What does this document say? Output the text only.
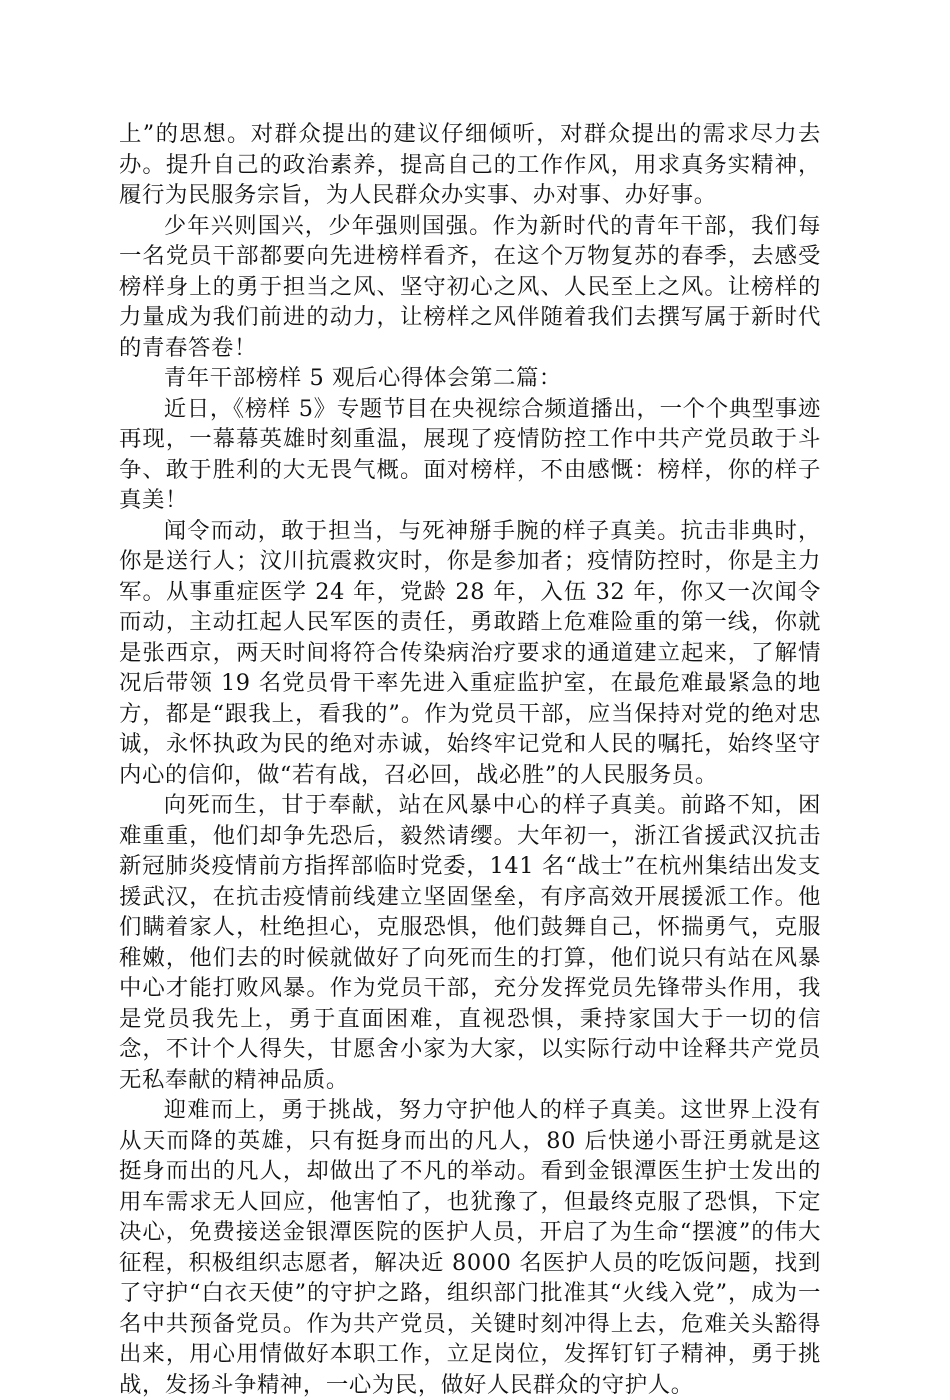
上”的思想。对群众提出的建议仔细倾听，对群众提出的需求尽力去办。提升自己的政治素养，提高自己的工作作风，用求真务实精神，履行为民服务宗旨，为人民群众办实事、办对事、办好事。

少年兴则国兴，少年强则国强。作为新时代的青年干部，我们每一名党员干部都要向先进榜样看齐，在这个万物复苏的春季，去感受榜样身上的勇于担当之风、坚守初心之风、人民至上之风。让榜样的力量成为我们前进的动力，让榜样之风伴随着我们去撰写属于新时代的青春答卷！

青年干部榜样 5 观后心得体会第二篇：

近日，《榜样 5》专题节目在央视综合频道播出，一个个典型事迹再现，一幕幕英雄时刻重温，展现了疫情防控工作中共产党员敢于斗争、敢于胜利的大无畏气概。面对榜样，不由感慨：榜样，你的样子真美！

闻令而动，敢于担当，与死神掰手腕的样子真美。抗击非典时，你是送行人；汶川抗震救灾时，你是参加者；疫情防控时，你是主力军。从事重症医学 24 年，党龄 28 年，入伍 32 年，你又一次闻令而动，主动扛起人民军医的责任，勇敢踏上危难险重的第一线，你就是张西京，两天时间将符合传染病治疗要求的通道建立起来，了解情况后带领 19 名党员骨干率先进入重症监护室，在最危难最紧急的地方，都是“跟我上，看我的”。作为党员干部，应当保持对党的绝对忠诚，永怀执政为民的绝对赤诚，始终牢记党和人民的嘱托，始终坚守内心的信仰，做“若有战，召必回，战必胜”的人民服务员。

向死而生，甘于奉献，站在风暴中心的样子真美。前路不知，困难重重，他们却争先恐后，毅然请缨。大年初一，浙江省援武汉抗击新冠肺炎疫情前方指挥部临时党委，141 名“战士”在杭州集结出发支援武汉，在抗击疫情前线建立坚固堡垒，有序高效开展援派工作。他们瞒着家人，杜绝担心，克服恐惧，他们鼓舞自己，怀揣勇气，克服稚嫩，他们去的时候就做好了向死而生的打算，他们说只有站在风暴中心才能打败风暴。作为党员干部，充分发挥党员先锋带头作用，我是党员我先上，勇于直面困难，直视恐惧，秉持家国大于一切的信念，不计个人得失，甘愿舍小家为大家，以实际行动中诠释共产党员无私奉献的精神品质。

迎难而上，勇于挑战，努力守护他人的样子真美。这世界上没有从天而降的英雄，只有挺身而出的凡人，80 后快递小哥汪勇就是这挺身而出的凡人，却做出了不凡的举动。看到金银潭医生护士发出的用车需求无人回应，他害怕了，也犹豫了，但最终克服了恐惧，下定决心，免费接送金银潭医院的医护人员，开启了为生命“摆渡”的伟大征程，积极组织志愿者，解决近 8000 名医护人员的吃饭问题，找到了守护“白衣天使”的守护之路，组织部门批准其“火线入党”，成为一名中共预备党员。作为共产党员，关键时刻冲得上去，危难关头豁得出来，用心用情做好本职工作，立足岗位，发挥钉钉子精神，勇于挑战，发扬斗争精神，一心为民，做好人民群众的守护人。
